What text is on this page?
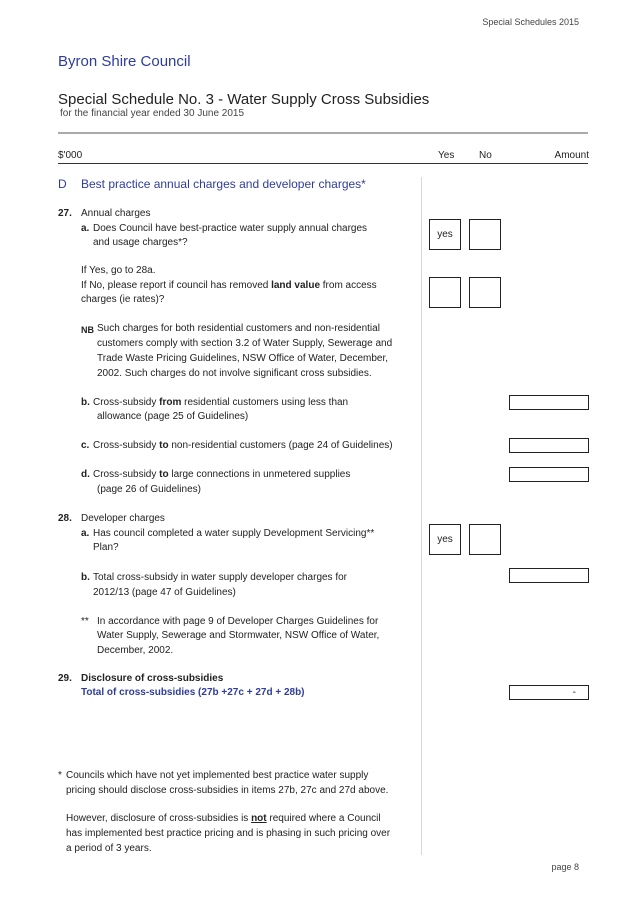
Special Schedules 2015
Byron Shire Council
Special Schedule No. 3 - Water Supply Cross Subsidies
for the financial year ended 30 June 2015
$'000	Yes No	Amount
D Best practice annual charges and developer charges*
27. Annual charges
a. Does Council have best-practice water supply annual charges
and usage charges*?
yes
If Yes, go to 28a.
If No, please report if council has removed land value from access
charges (ie rates)?
NB Such charges for both residential customers and non-residential
customers comply with section 3.2 of Water Supply, Sewerage and
Trade Waste Pricing Guidelines, NSW Office of Water, December,
2002. Such charges do not involve significant cross subsidies.
b. Cross-subsidy from residential customers using less than
allowance (page 25 of Guidelines)
c. Cross-subsidy to non-residential customers (page 24 of Guidelines)
d. Cross-subsidy to large connections in unmetered supplies
(page 26 of Guidelines)
28. Developer charges
a. Has council completed a water supply Development Servicing**
Plan?
yes
b. Total cross-subsidy in water supply developer charges for
2012/13 (page 47 of Guidelines)
** In accordance with page 9 of Developer Charges Guidelines for
Water Supply, Sewerage and Stormwater, NSW Office of Water,
December, 2002.
29. Disclosure of cross-subsidies
Total of cross-subsidies (27b +27c + 27d + 28b)	-
* Councils which have not yet implemented best practice water supply
pricing should disclose cross-subsidies in items 27b, 27c and 27d above.
However, disclosure of cross-subsidies is not required where a Council
has implemented best practice pricing and is phasing in such pricing over
a period of 3 years.
page 8
